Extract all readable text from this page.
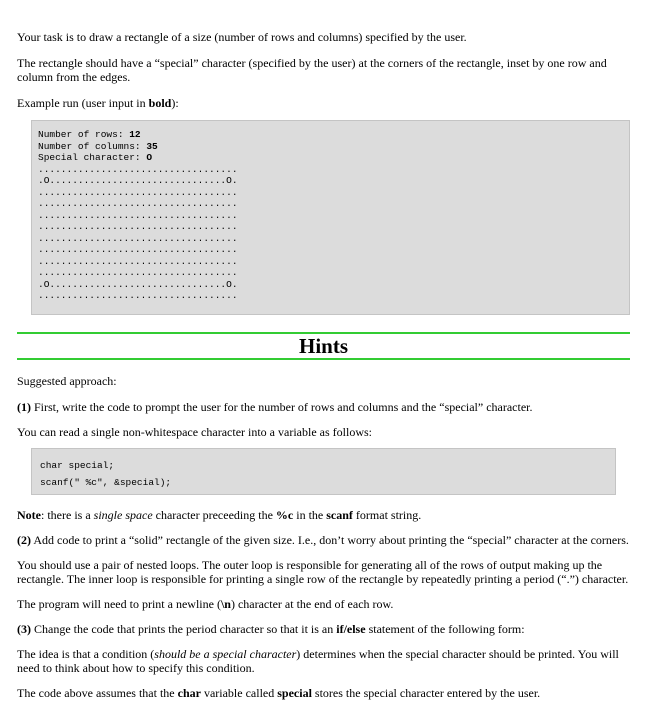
Your task is to draw a rectangle of a size (number of rows and columns) specified by the user.

The rectangle should have a “special” character (specified by the user) at the corners of the rectangle, inset by one row and

column from the edges.

Example run (user input in bold):

Number of rows: 12
Number of columns: 35
Special character: O

...................................
.O...............................O.
...................................
...................................
...................................
...................................
...................................
...................................
...................................
...................................
.O...............................O.
...................................
Hints

Suggested approach:

(1) First, write the code to prompt the user for the number of rows and columns and the “special” character.

You can read a single non-whitespace character into a variable as follows:

char special;
scanf(" %c", &special);

Note: there is a single space character preceeding the %c in the scanf format string.

(2) Add code to print a “solid” rectangle of the given size. I.e., don’t worry about printing the “special” character at the corners.

You should use a pair of nested loops. The outer loop is responsible for generating all of the rows of output making up the

rectangle. The inner loop is responsible for printing a single row of the rectangle by repeatedly printing a period (“.”) character.

The program will need to print a newline (\n) character at the end of each row.

(3) Change the code that prints the period character so that it is an if/else statement of the following form:

The idea is that a condition (should be a special character) determines when the special character should be printed. You will

need to think about how to specify this condition.

The code above assumes that the char variable called special stores the special character entered by the user.
